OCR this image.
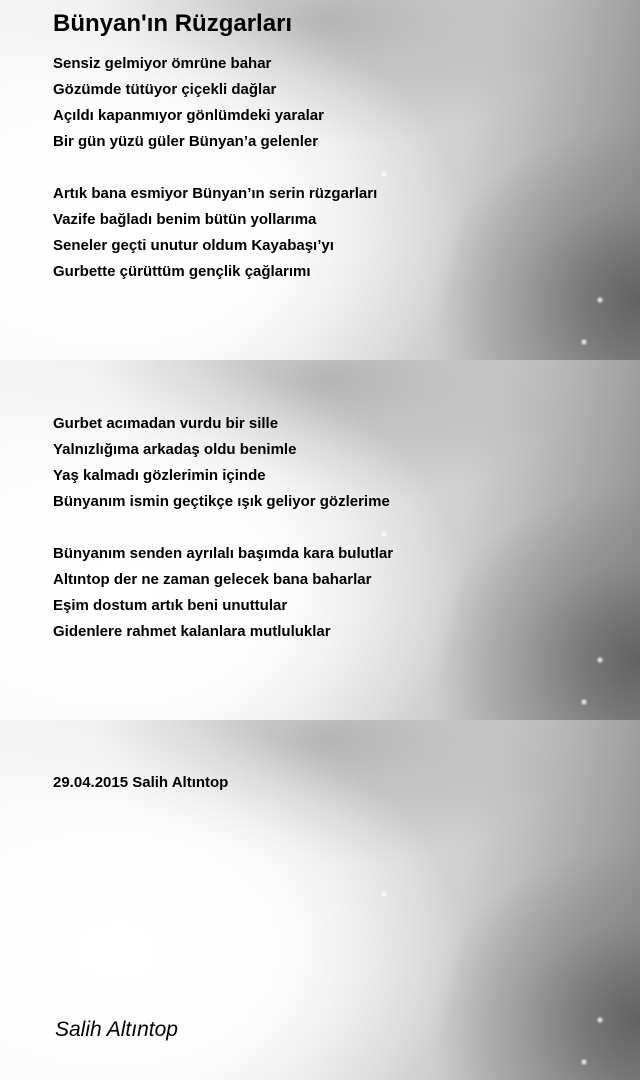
Bünyan'ın Rüzgarları
Sensiz gelmiyor ömrüne bahar
Gözümde tütüyor çiçekli dağlar
Açıldı kapanmıyor gönlümdeki yaralar
Bir gün yüzü güler Bünyan’a gelenler
Artık bana esmiyor Bünyan’ın serin rüzgarları
Vazife bağladı benim bütün yollarıma
Seneler geçti unutur oldum Kayabaşı’yı
Gurbette çürüttüm gençlik çağlarımı
Gurbet acımadan vurdu bir sille
Yalnızlığıma arkadaş oldu benimle
Yaş kalmadı gözlerimin içinde
Bünyanım ismin geçtikçe ışık geliyor gözlerime
Bünyanım senden ayrılalı başımda kara bulutlar
Altıntop der ne zaman gelecek bana baharlar
Eşim dostum artık beni unuttular
Gidenlere rahmet kalanlara mutluluklar
29.04.2015 Salih Altıntop
Salih Altıntop
